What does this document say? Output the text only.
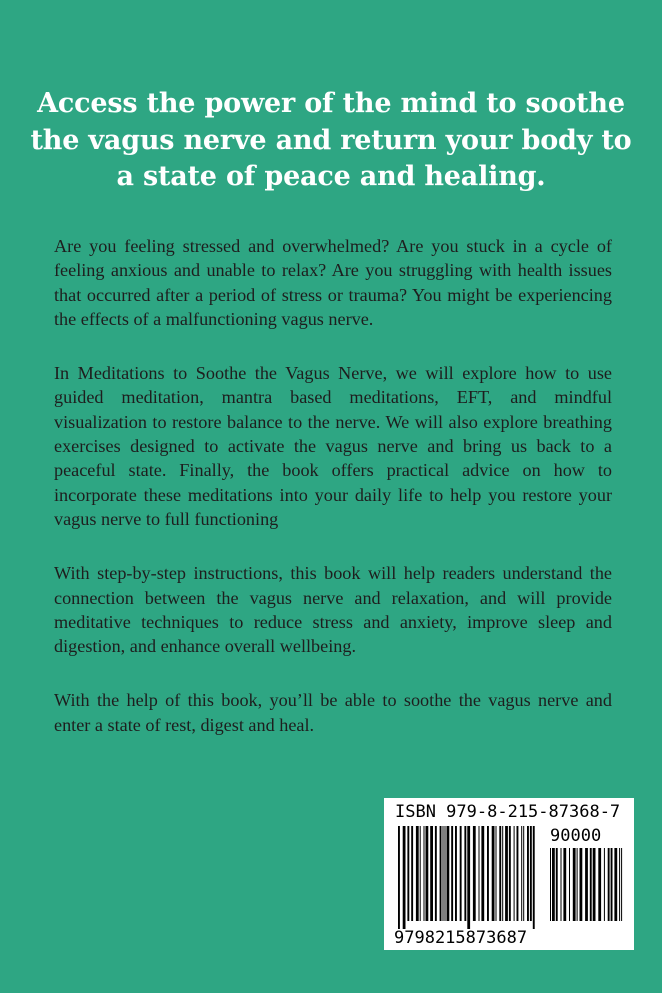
Access the power of the mind to soothe the vagus nerve and return your body to a state of peace and healing.

Are you feeling stressed and overwhelmed? Are you stuck in a cycle of feeling anxious and unable to relax? Are you struggling with health issues that occurred after a period of stress or trauma? You might be experiencing the effects of a malfunctioning vagus nerve.

In Meditations to Soothe the Vagus Nerve, we will explore how to use guided meditation, mantra based meditations, EFT, and mindful visualization to restore balance to the nerve. We will also explore breathing exercises designed to activate the vagus nerve and bring us back to a peaceful state. Finally, the book offers practical advice on how to incorporate these meditations into your daily life to help you restore your vagus nerve to full functioning

With step-by-step instructions, this book will help readers understand the connection between the vagus nerve and relaxation, and will provide meditative techniques to reduce stress and anxiety, improve sleep and digestion, and enhance overall wellbeing.

With the help of this book, you’ll be able to soothe the vagus nerve and enter a state of rest, digest and heal.

ISBN 979-8-215-87368-7
90000
9798215873687
